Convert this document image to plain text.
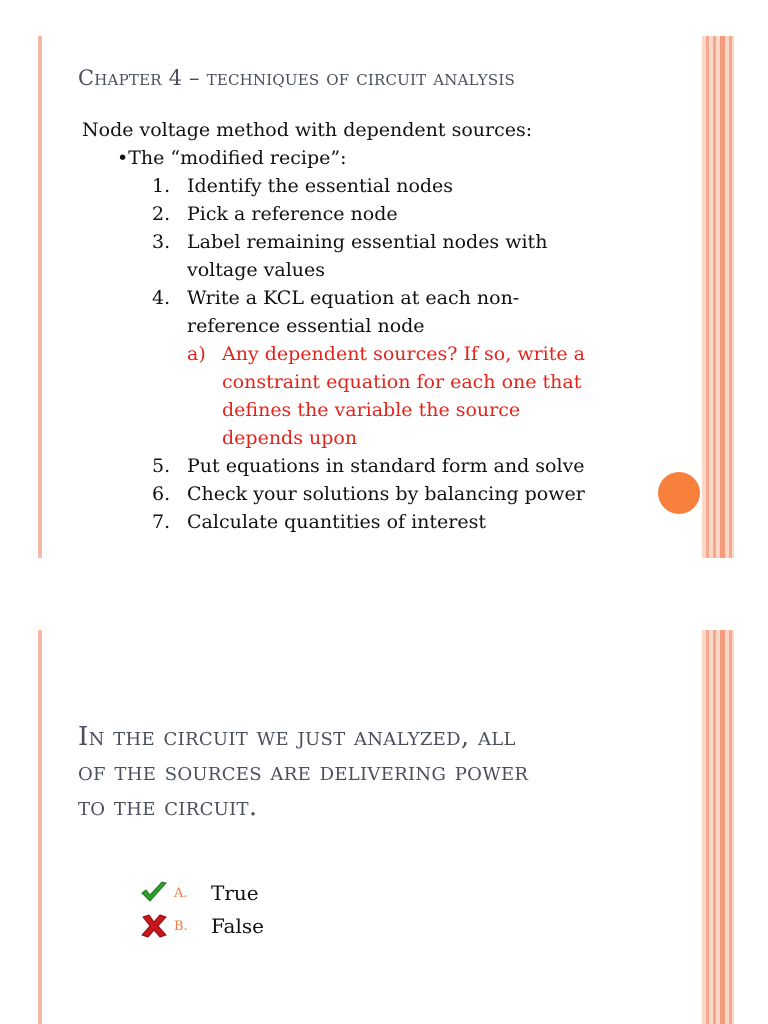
Chapter 4 – techniques of circuit analysis
Node voltage method with dependent sources:
•The “modified recipe”:
1. Identify the essential nodes
2. Pick a reference node
3. Label remaining essential nodes with
voltage values
4. Write a KCL equation at each non-
reference essential node
a) Any dependent sources? If so, write a
constraint equation for each one that
defines the variable the source
depends upon
5. Put equations in standard form and solve
6. Check your solutions by balancing power
7. Calculate quantities of interest
In the circuit we just analyzed, all
of the sources are delivering power
to the circuit.
A. True
B. False
